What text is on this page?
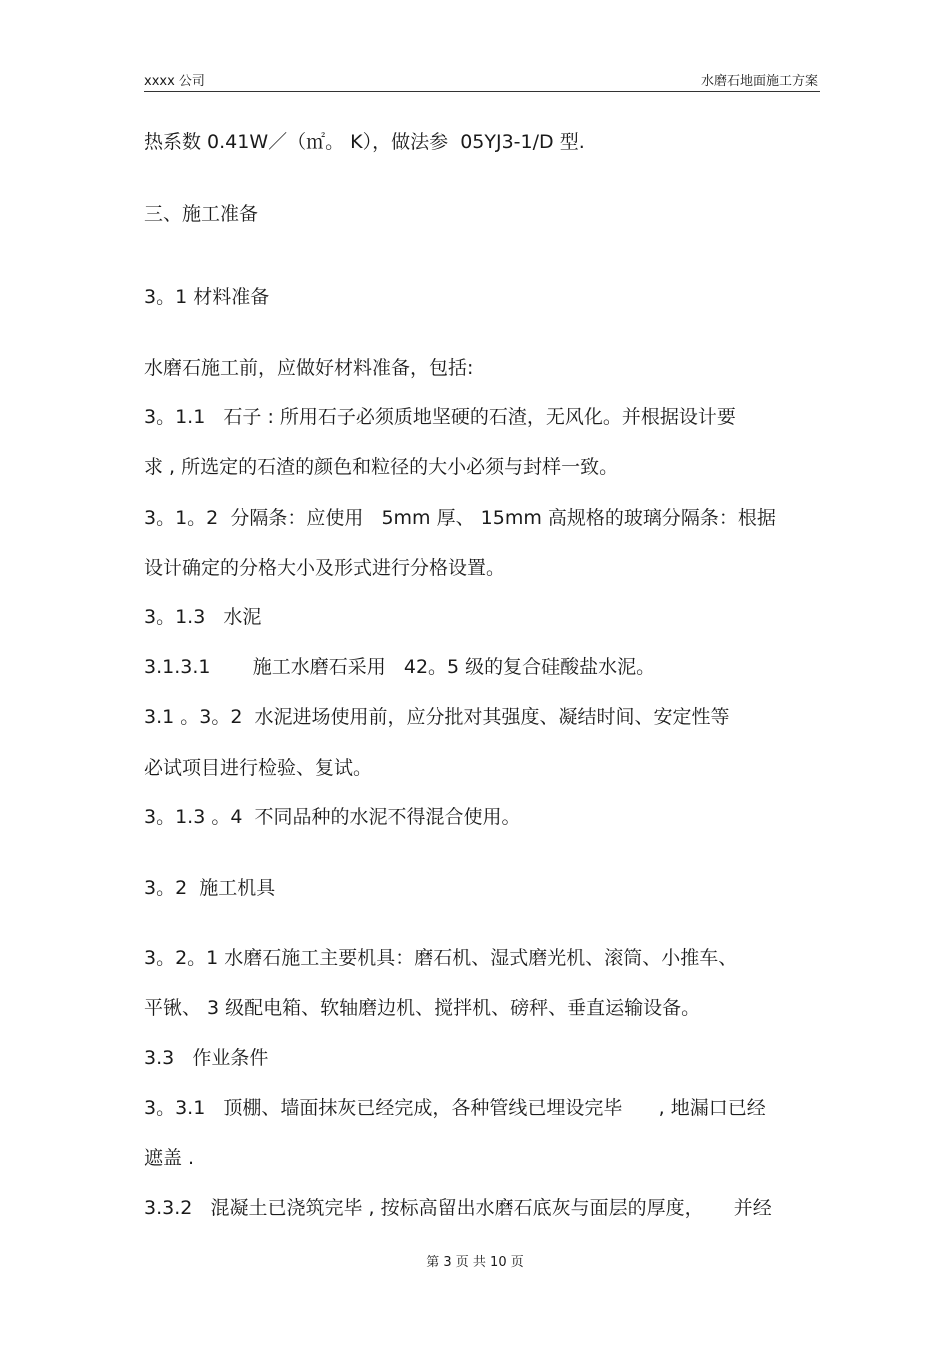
xxxx 公司	水磨石地面施工方案
热系数 0.41W／（㎡。 K），做法参  05YJ3-1/D 型.
三、施工准备
3。1 材料准备
水磨石施工前，应做好材料准备，包括:
3。1.1   石子 : 所用石子必须质地坚硬的石渣，无风化。并根据设计要
求 , 所选定的石渣的颜色和粒径的大小必须与封样一致。
3。1。2  分隔条：应使用   5mm 厚、 15mm 高规格的玻璃分隔条：根据
设计确定的分格大小及形式进行分格设置。
3。1.3   水泥
3.1.3.1       施工水磨石采用   42。5 级的复合硅酸盐水泥。
3.1 。3。2  水泥进场使用前，应分批对其强度、凝结时间、安定性等
必试项目进行检验、复试。
3。1.3 。4  不同品种的水泥不得混合使用。
3。2  施工机具
3。2。1 水磨石施工主要机具：磨石机、湿式磨光机、滚筒、小推车、
平锹、 3 级配电箱、软轴磨边机、搅拌机、磅秤、垂直运输设备。
3.3   作业条件
3。3.1   顶棚、墙面抹灰已经完成，各种管线已埋设完毕      , 地漏口已经
遮盖 .
3.3.2   混凝土已浇筑完毕 , 按标高留出水磨石底灰与面层的厚度，     并经
第 3 页 共 10 页
